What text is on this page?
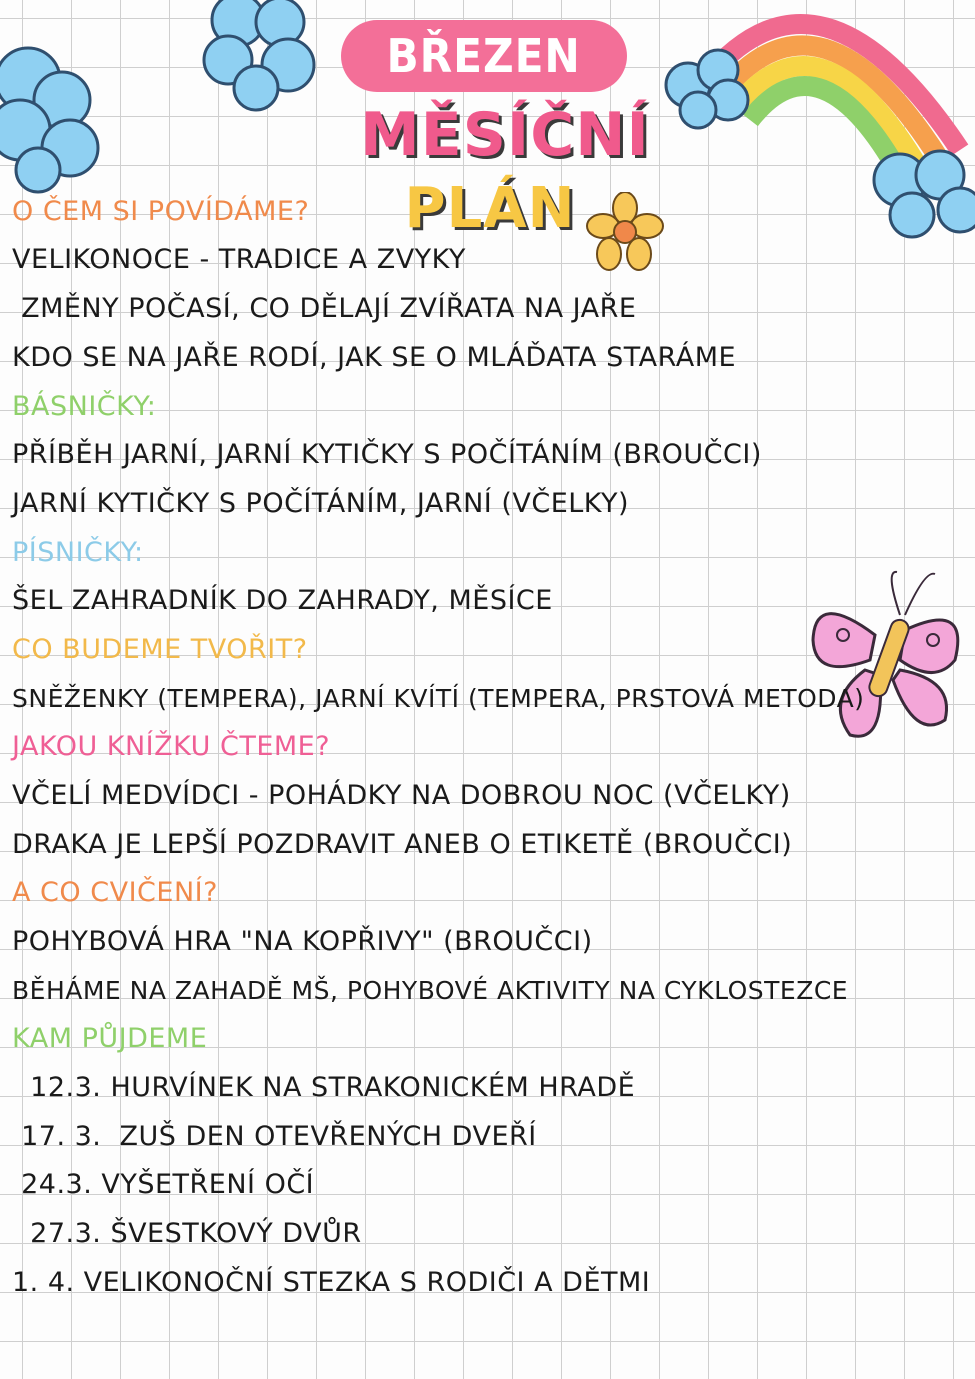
BŘEZEN
MĚSÍČNÍ
PLÁN
O ČEM SI POVÍDÁME?
VELIKONOCE - TRADICE A ZVYKY
ZMĚNY POČASÍ, CO DĚLAJÍ ZVÍŘATA NA JAŘE
KDO SE NA JAŘE RODÍ, JAK SE O MLÁĎATA STARÁME
BÁSNIČKY:
PŘÍBĚH JARNÍ, JARNÍ KYTIČKY S POČÍTÁNÍM (BROUČCI)
JARNÍ KYTIČKY S POČÍTÁNÍM, JARNÍ (VČELKY)
PÍSNIČKY:
ŠEL ZAHRADNÍK DO ZAHRADY, MĚSÍCE
CO BUDEME TVOŘIT?
SNĚŽENKY (TEMPERA), JARNÍ KVÍTÍ (TEMPERA, PRSTOVÁ METODA)
JAKOU KNÍŽKU ČTEME?
VČELÍ MEDVÍDCI - POHÁDKY NA DOBROU NOC (VČELKY)
DRAKA JE LEPŠÍ POZDRAVIT ANEB O ETIKETĚ (BROUČCI)
A CO CVIČENÍ?
POHYBOVÁ HRA "NA KOPŘIVY" (BROUČCI)
BĚHÁME NA ZAHADĚ MŠ, POHYBOVÉ AKTIVITY NA CYKLOSTEZCE
KAM PŮJDEME
12.3. HURVÍNEK NA STRAKONICKÉM HRADĚ
17. 3.  ZUŠ DEN OTEVŘENÝCH DVEŘÍ
24.3. VYŠETŘENÍ OČÍ
27.3. ŠVESTKOVÝ DVŮR
1. 4. VELIKONOČNÍ STEZKA S RODIČI A DĚTMI
